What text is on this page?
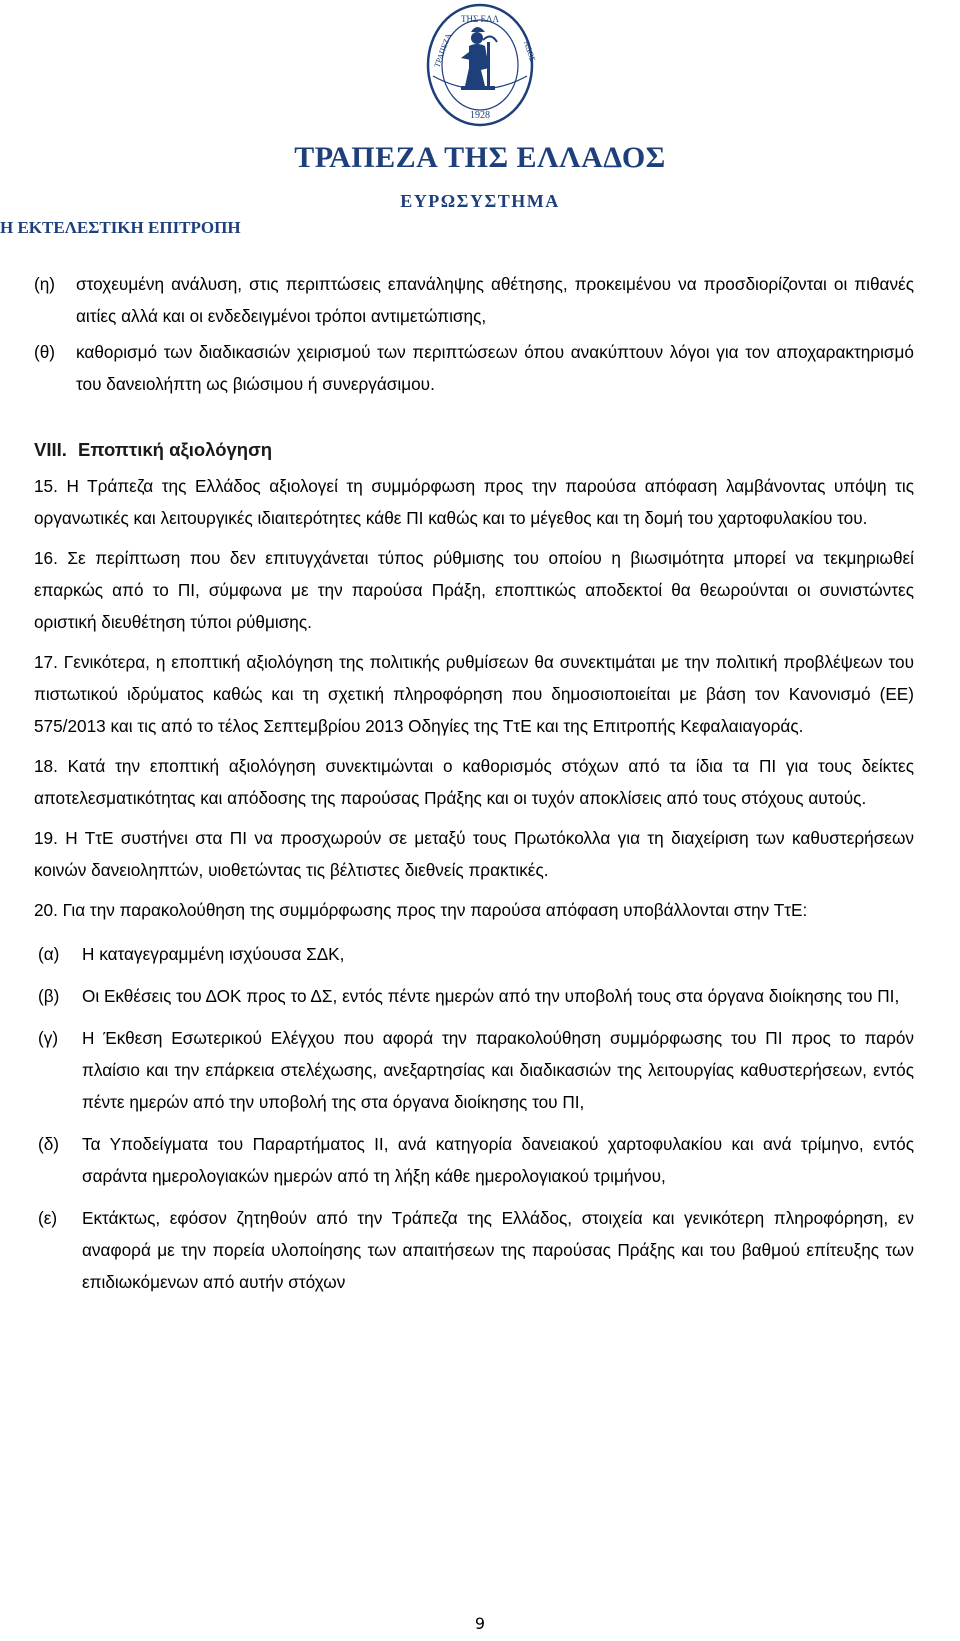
ΤΗΣ ΕΛΛ
ΤΡΑΠΕΖΑ	ΑΔΟΣ
1928
ΤΡΑΠΕΖΑ ΤΗΣ ΕΛΛΑΔΟΣ
ΕΥΡΩΣΥΣΤΗΜΑ
Η ΕΚΤΕΛΕΣΤΙΚΗ ΕΠΙΤΡΟΠΗ
(η)	στοχευμένη ανάλυση, στις περιπτώσεις επανάληψης αθέτησης, προκειμένου να προσδιορίζονται οι πιθανές αιτίες αλλά και οι ενδεδειγμένοι τρόποι αντιμετώπισης,
(θ)	καθορισμό των διαδικασιών χειρισμού των περιπτώσεων όπου ανακύπτουν λόγοι για τον αποχαρακτηρισμό του δανειολήπτη ως βιώσιμου ή συνεργάσιμου.
VIII. Εποπτική αξιολόγηση

15. Η Τράπεζα της Ελλάδος αξιολογεί τη συμμόρφωση προς την παρούσα απόφαση λαμβάνοντας υπόψη τις οργανωτικές και λειτουργικές ιδιαιτερότητες κάθε ΠΙ καθώς και το μέγεθος και τη δομή του χαρτοφυλακίου του.

16. Σε περίπτωση που δεν επιτυγχάνεται τύπος ρύθμισης του οποίου η βιωσιμότητα μπορεί να τεκμηριωθεί επαρκώς από το ΠΙ, σύμφωνα με την παρούσα Πράξη, εποπτικώς αποδεκτοί θα θεωρούνται οι συνιστώντες οριστική διευθέτηση τύποι ρύθμισης.

17. Γενικότερα, η εποπτική αξιολόγηση της πολιτικής ρυθμίσεων θα συνεκτιμάται με την πολιτική προβλέψεων του πιστωτικού ιδρύματος καθώς και τη σχετική πληροφόρηση που δημοσιοποιείται με βάση τον Κανονισμό (ΕΕ) 575/2013 και τις από το τέλος Σεπτεμβρίου 2013 Οδηγίες της ΤτΕ και της Επιτροπής Κεφαλαιαγοράς.

18. Κατά την εποπτική αξιολόγηση συνεκτιμώνται ο καθορισμός στόχων από τα ίδια τα ΠΙ για τους δείκτες αποτελεσματικότητας και απόδοσης της παρούσας Πράξης και οι τυχόν αποκλίσεις από τους στόχους αυτούς.

19. Η ΤτΕ συστήνει στα ΠΙ να προσχωρούν σε μεταξύ τους Πρωτόκολλα για τη διαχείριση των καθυστερήσεων κοινών δανειοληπτών, υιοθετώντας τις βέλτιστες διεθνείς πρακτικές.

20. Για την παρακολούθηση της συμμόρφωσης προς την παρούσα απόφαση υποβάλλονται στην ΤτΕ:

(α)	Η καταγεγραμμένη ισχύουσα ΣΔΚ,
(β)	Οι Εκθέσεις του ΔΟΚ προς το ΔΣ, εντός πέντε ημερών από την υποβολή τους στα όργανα διοίκησης του ΠΙ,
(γ)	Η Έκθεση Εσωτερικού Ελέγχου που αφορά την παρακολούθηση συμμόρφωσης του ΠΙ προς το παρόν πλαίσιο και την επάρκεια στελέχωσης, ανεξαρτησίας και διαδικασιών της λειτουργίας καθυστερήσεων, εντός πέντε ημερών από την υποβολή της στα όργανα διοίκησης του ΠΙ,
(δ)	Τα Υποδείγματα του Παραρτήματος II, ανά κατηγορία δανειακού χαρτοφυλακίου και ανά τρίμηνο, εντός σαράντα ημερολογιακών ημερών από τη λήξη κάθε ημερολογιακού τριμήνου,
(ε)	Εκτάκτως, εφόσον ζητηθούν από την Τράπεζα της Ελλάδος, στοιχεία και γενικότερη πληροφόρηση, εν αναφορά με την πορεία υλοποίησης των απαιτήσεων της παρούσας Πράξης και του βαθμού επίτευξης των επιδιωκόμενων από αυτήν στόχων
9
